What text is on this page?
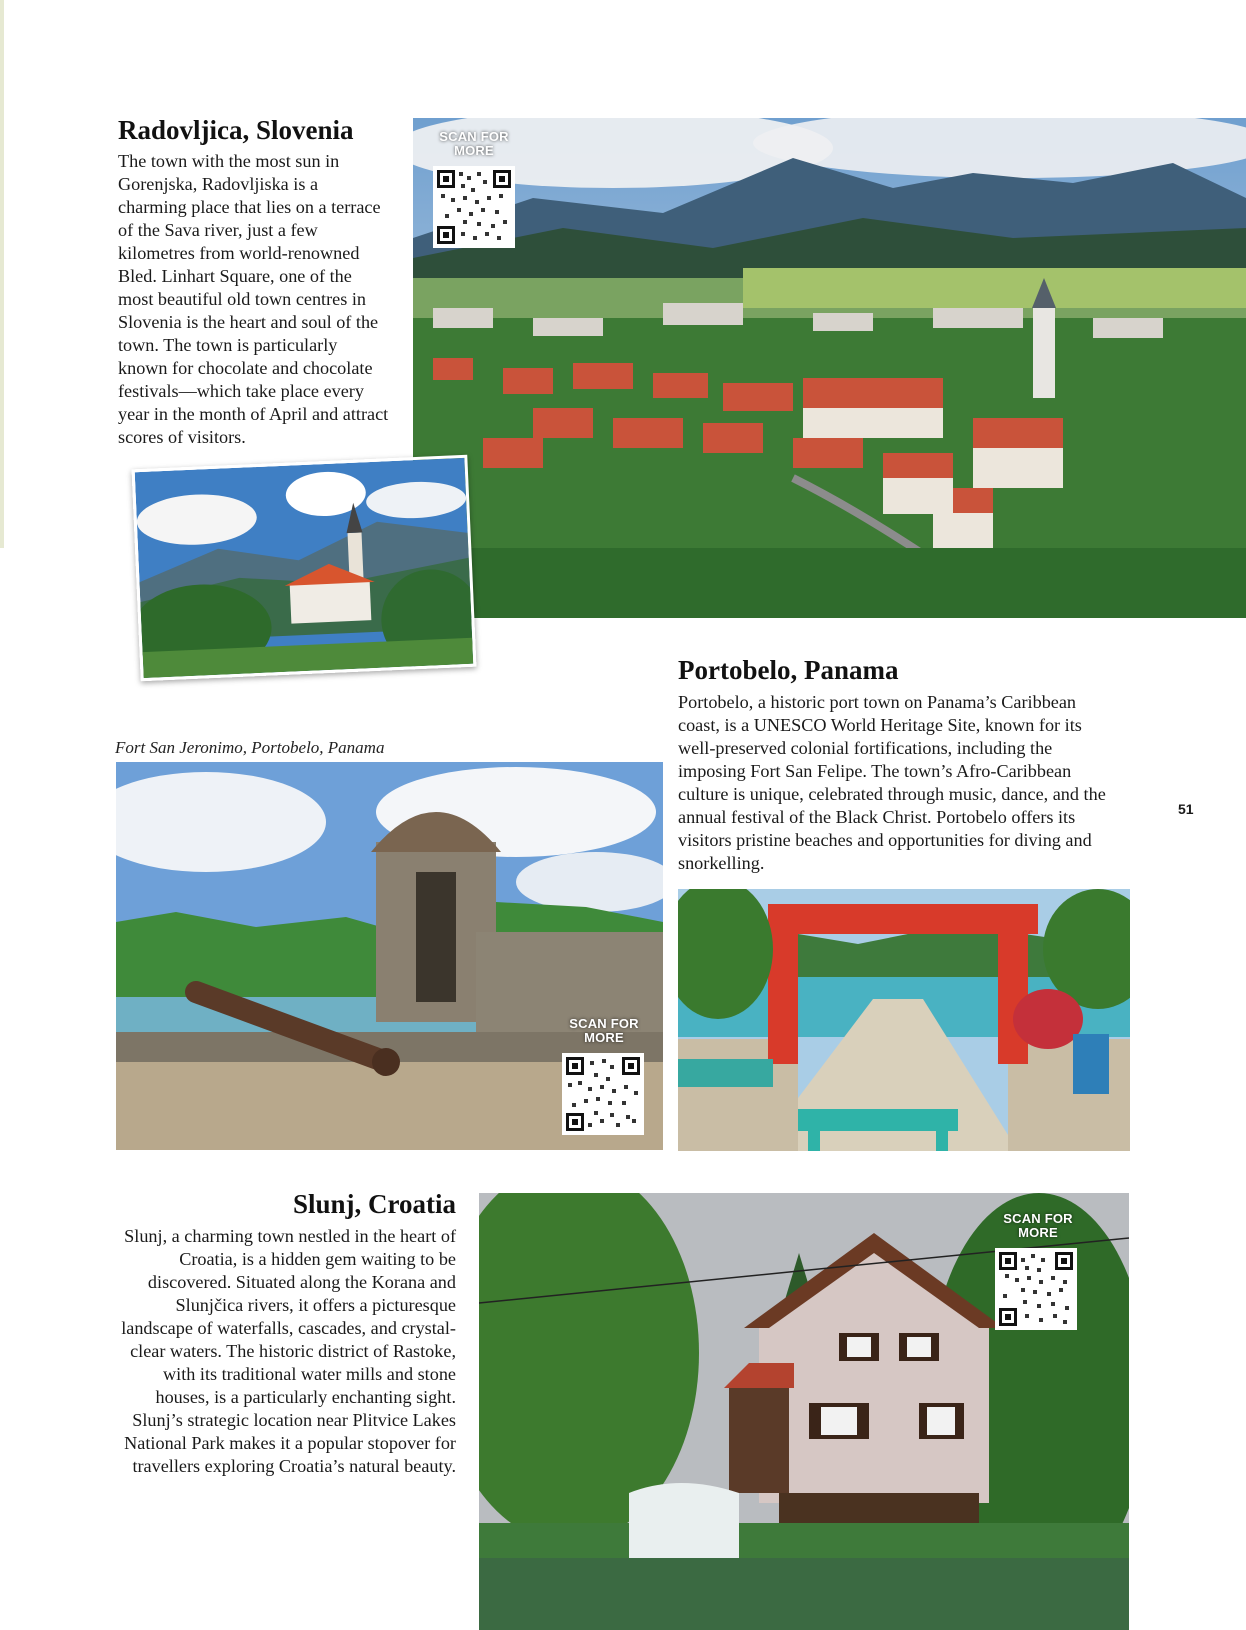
Radovljica, Slovenia

The town with the most sun in Gorenjska, Radovljiska is a charming place that lies on a terrace of the Sava river, just a few kilometres from world-renowned Bled. Linhart Square, one of the most beautiful old town centres in Slovenia is the heart and soul of the town. The town is particularly known for chocolate and chocolate festivals—which take place every year in the month of April and attract scores of visitors.

SCAN FOR MORE
Portobelo, Panama

Portobelo, a historic port town on Panama’s Caribbean coast, is a UNESCO World Heritage Site, known for its well-preserved colonial fortifications, including the imposing Fort San Felipe. The town’s Afro-Caribbean culture is unique, celebrated through music, dance, and the annual festival of the Black Christ. Portobelo offers its visitors pristine beaches and opportunities for diving and snorkelling.

Fort San Jeronimo, Portobelo, Panama
51
SCAN FOR MORE
Slunj, Croatia

Slunj, a charming town nestled in the heart of Croatia, is a hidden gem waiting to be discovered. Situated along the Korana and Slunjčica rivers, it offers a picturesque landscape of waterfalls, cascades, and crystal-clear waters. The historic district of Rastoke, with its traditional water mills and stone houses, is a particularly enchanting sight. Slunj’s strategic location near Plitvice Lakes National Park makes it a popular stopover for travellers exploring Croatia’s natural beauty.

SCAN FOR MORE
